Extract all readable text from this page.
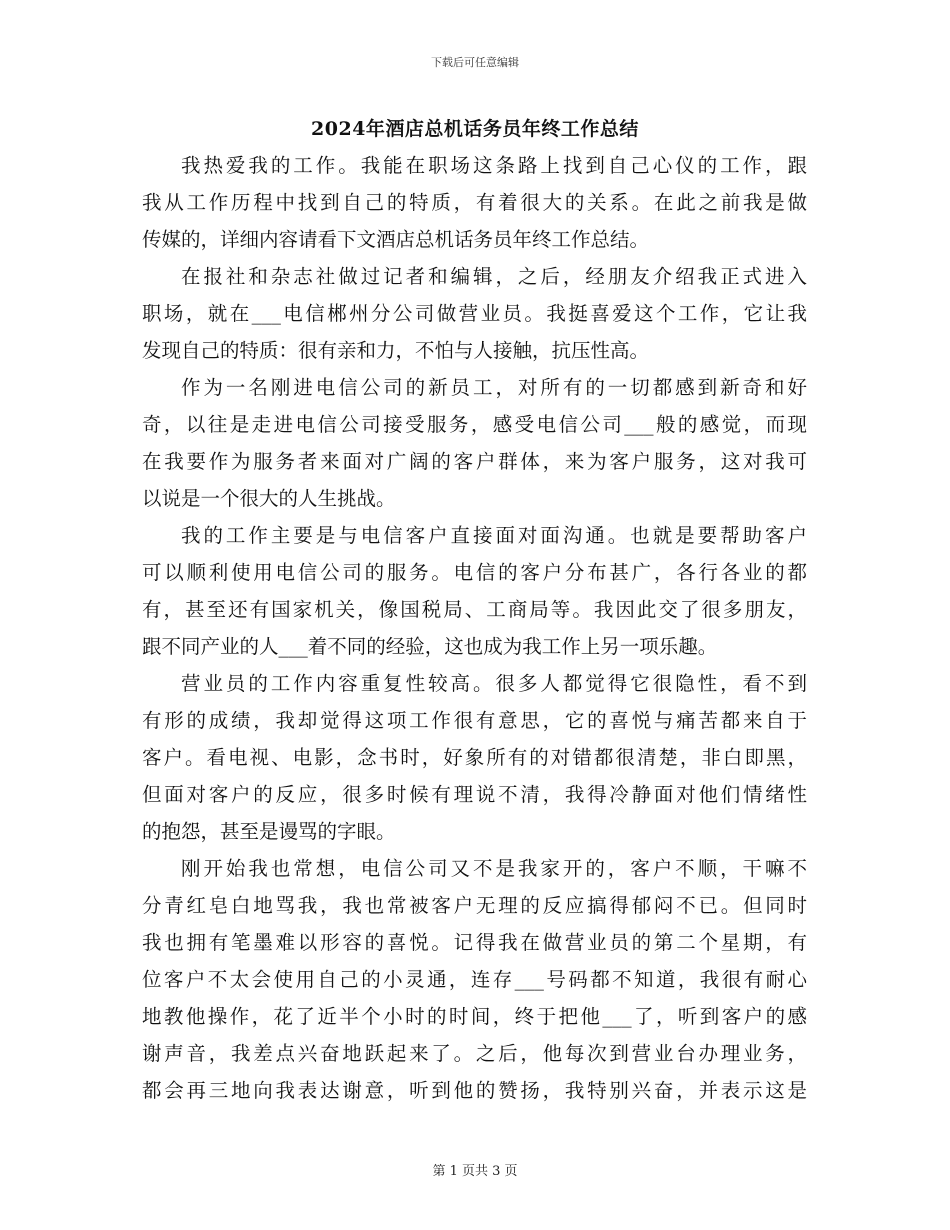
下载后可任意编辑
2024年酒店总机话务员年终工作总结
我热爱我的工作。我能在职场这条路上找到自己心仪的工作，跟
我从工作历程中找到自己的特质，有着很大的关系。在此之前我是做
传媒的，详细内容请看下文酒店总机话务员年终工作总结。
在报社和杂志社做过记者和编辑，之后，经朋友介绍我正式进入
职场，就在___电信郴州分公司做营业员。我挺喜爱这个工作，它让我
发现自己的特质：很有亲和力，不怕与人接触，抗压性高。
作为一名刚进电信公司的新员工，对所有的一切都感到新奇和好
奇，以往是走进电信公司接受服务，感受电信公司___般的感觉，而现
在我要作为服务者来面对广阔的客户群体，来为客户服务，这对我可
以说是一个很大的人生挑战。
我的工作主要是与电信客户直接面对面沟通。也就是要帮助客户
可以顺利使用电信公司的服务。电信的客户分布甚广，各行各业的都
有，甚至还有国家机关，像国税局、工商局等。我因此交了很多朋友，
跟不同产业的人___着不同的经验，这也成为我工作上另一项乐趣。
营业员的工作内容重复性较高。很多人都觉得它很隐性，看不到
有形的成绩，我却觉得这项工作很有意思，它的喜悦与痛苦都来自于
客户。看电视、电影，念书时，好象所有的对错都很清楚，非白即黑，
但面对客户的反应，很多时候有理说不清，我得冷静面对他们情绪性
的抱怨，甚至是谩骂的字眼。
刚开始我也常想，电信公司又不是我家开的，客户不顺，干嘛不
分青红皂白地骂我，我也常被客户无理的反应搞得郁闷不已。但同时
我也拥有笔墨难以形容的喜悦。记得我在做营业员的第二个星期，有
位客户不太会使用自己的小灵通，连存___号码都不知道，我很有耐心
地教他操作，花了近半个小时的时间，终于把他___了，听到客户的感
谢声音，我差点兴奋地跃起来了。之后，他每次到营业台办理业务，
都会再三地向我表达谢意，听到他的赞扬，我特别兴奋，并表示这是
第 1 页共 3 页
